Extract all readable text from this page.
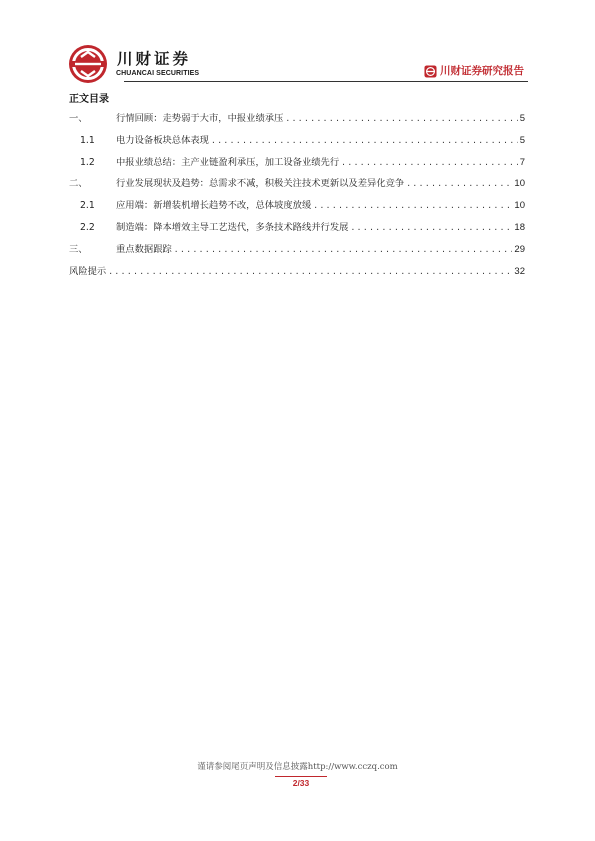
川财证券
CHUANCAI SECURITIES	川财证券研究报告
正文目录
一、	行情回顾：走势弱于大市，中报业绩承压 .....	5
1.1	电力设备板块总体表现 .....	5
1.2	中报业绩总结：主产业链盈利承压，加工设备业绩先行 .....	7
二、	行业发展现状及趋势：总需求不减，积极关注技术更新以及差异化竞争 .....	10
2.1	应用端：新增装机增长趋势不改，总体坡度放缓 .....	10
2.2	制造端：降本增效主导工艺迭代，多条技术路线并行发展 .....	18
三、	重点数据跟踪 .....	29
风险提示 .....	32
谨请参阅尾页声明及信息披露http://www.cczq.com
2/33
